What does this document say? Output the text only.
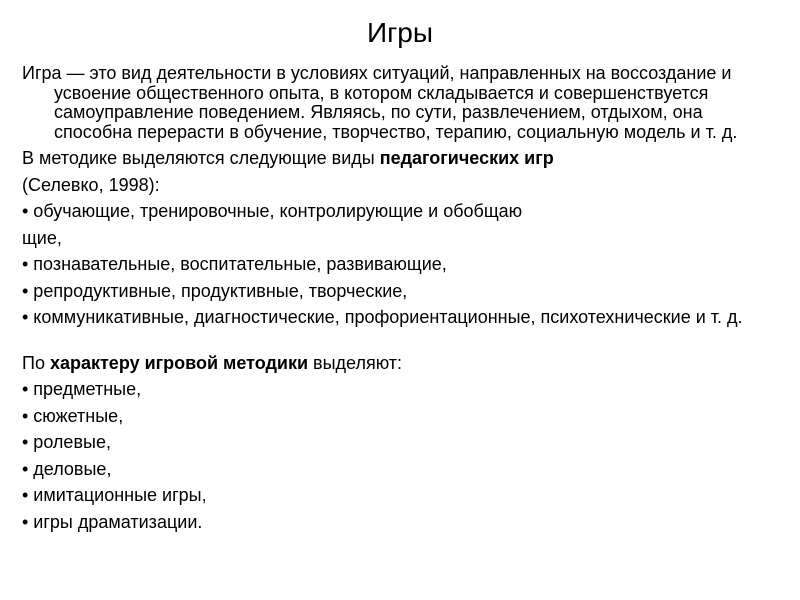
Игры

Игра — это вид деятельности в условиях ситуаций, направленных на воссоздание и усвоение общественного опыта, в котором складывается и совершенствуется самоуправление поведением. Являясь, по сути, развлечением, отдыхом, она способна перерасти в обучение, творчество, терапию, социальную модель и т. д.

В методике выделяются следующие виды педагогических игр

(Селевко, 1998):

• обучающие, тренировочные, контролирующие и обобщаю

щие,

• познавательные, воспитательные, развивающие,

• репродуктивные, продуктивные, творческие,

• коммуникативные, диагностические, профориентационные, психотехнические и т. д.

По характеру игровой методики выделяют:

• предметные,

• сюжетные,

• ролевые,

• деловые,

• имитационные игры,

• игры драматизации.
